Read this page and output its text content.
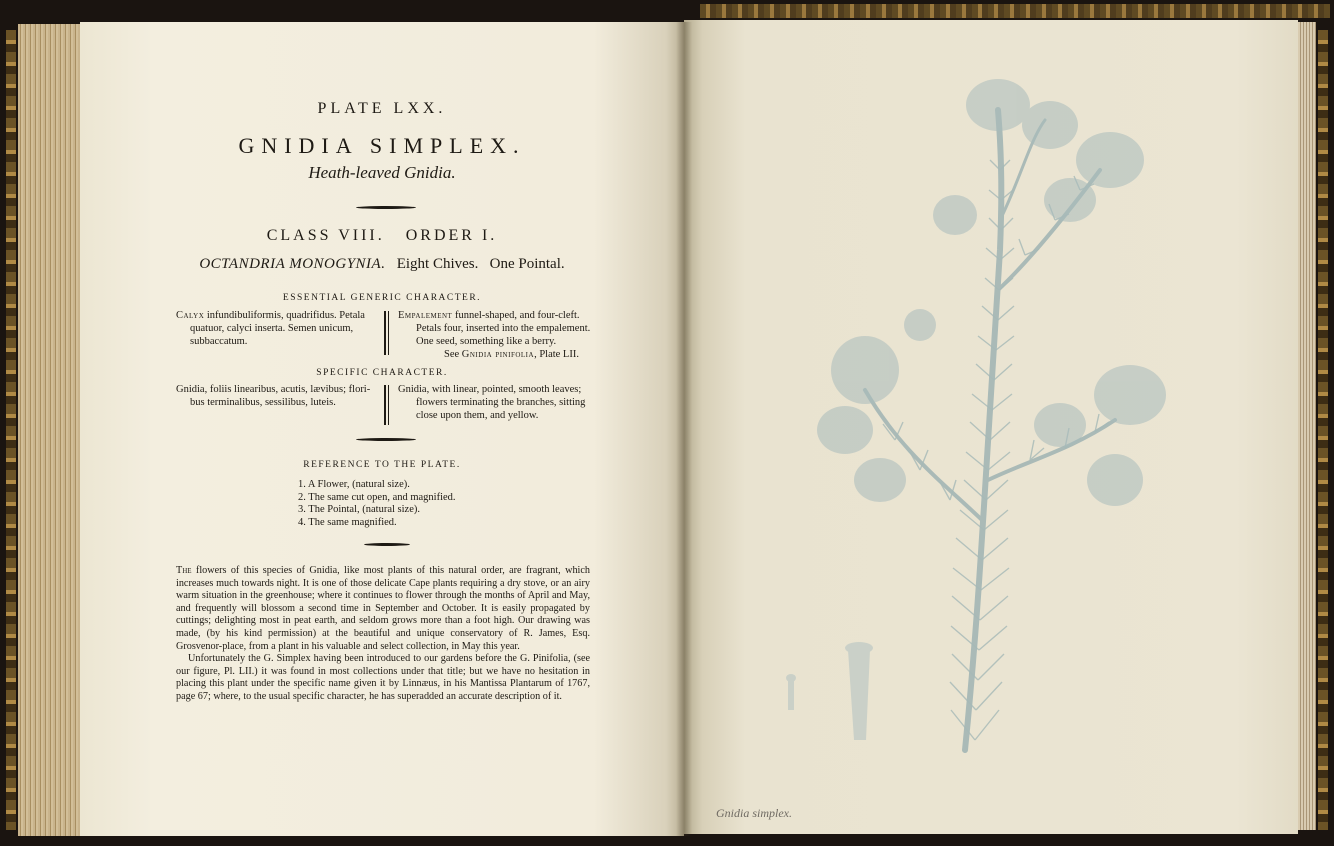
PLATE LXX.
GNIDIA SIMPLEX.
Heath-leaved Gnidia.
CLASS VIII.   ORDER I.
OCTANDRIA MONOGYNIA. Eight Chives.   One Pointal.
ESSENTIAL GENERIC CHARACTER.
Calyx infundibuliformis, quadrifidus. Petala
quatuor, calyci inserta. Semen unicum,
subbaccatum.
Empalement funnel-shaped, and four-cleft.
Petals four, inserted into the empalement.
One seed, something like a berry.
See Gnidia pinifolia, Plate LII.
SPECIFIC CHARACTER.
Gnidia, foliis linearibus, acutis, lævibus; flori-
bus terminalibus, sessilibus, luteis.
Gnidia, with linear, pointed, smooth leaves;
flowers terminating the branches, sitting
close upon them, and yellow.
REFERENCE TO THE PLATE.
1. A Flower, (natural size).
2. The same cut open, and magnified.
3. The Pointal, (natural size).
4. The same magnified.

The flowers of this species of Gnidia, like most plants of this natural order, are fragrant, which increases much towards night. It is one of those delicate Cape plants requiring a dry stove, or an airy warm situation in the greenhouse; where it continues to flower through the months of April and May, and frequently will blossom a second time in September and October. It is easily propagated by cuttings; delighting most in peat earth, and seldom grows more than a foot high. Our drawing was made, (by his kind permission) at the beautiful and unique conservatory of R. James, Esq. Grosvenor-place, from a plant in his valuable and select collection, in May this year.

Unfortunately the G. Simplex having been introduced to our gardens before the G. Pinifolia, (see our figure, Pl. LII.) it was found in most collections under that title; but we have no hesitation in placing this plant under the specific name given it by Linnæus, in his Mantissa Plantarum of 1767, page 67; where, to the usual specific character, he has superadded an accurate description of it.

Gnidia simplex.
